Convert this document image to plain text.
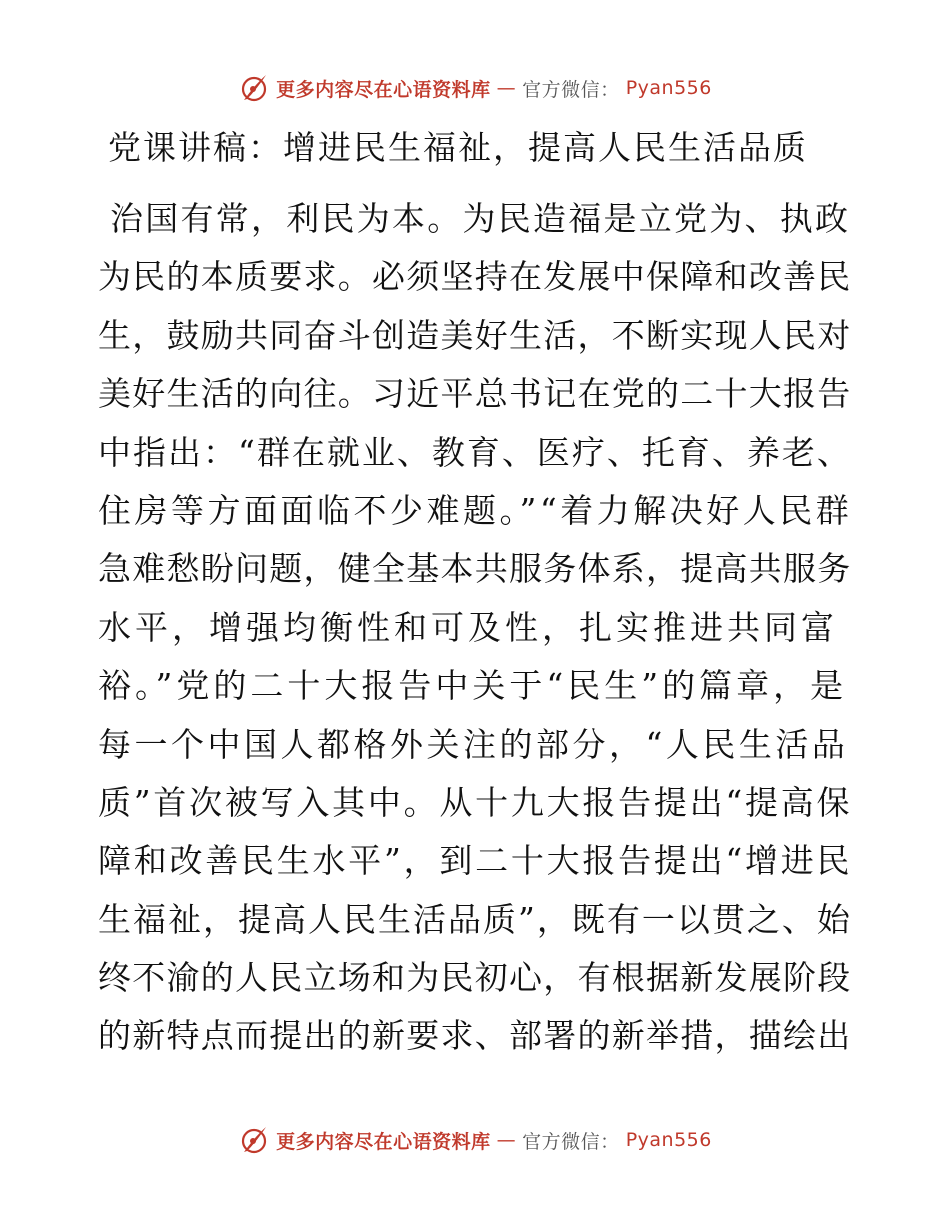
更多内容尽在心语资料库 — 官方微信： Pyan556
党课讲稿：增进民生福祉，提高人民生活品质
治国有常，利民为本。为民造福是立党为、执政
为民的本质要求。必须坚持在发展中保障和改善民
生，鼓励共同奋斗创造美好生活，不断实现人民对
美好生活的向往。习近平总书记在党的二十大报告
中指出：“群在就业、教育、医疗、托育、养老、
住房等方面面临不少难题。”“着力解决好人民群
急难愁盼问题，健全基本共服务体系，提高共服务
水平，增强均衡性和可及性，扎实推进共同富
裕。”党的二十大报告中关于“民生”的篇章，是
每一个中国人都格外关注的部分，“人民生活品
质”首次被写入其中。从十九大报告提出“提高保
障和改善民生水平”，到二十大报告提出“增进民
生福祉，提高人民生活品质”，既有一以贯之、始
终不渝的人民立场和为民初心，有根据新发展阶段
的新特点而提出的新要求、部署的新举措，描绘出
更多内容尽在心语资料库 — 官方微信： Pyan556
